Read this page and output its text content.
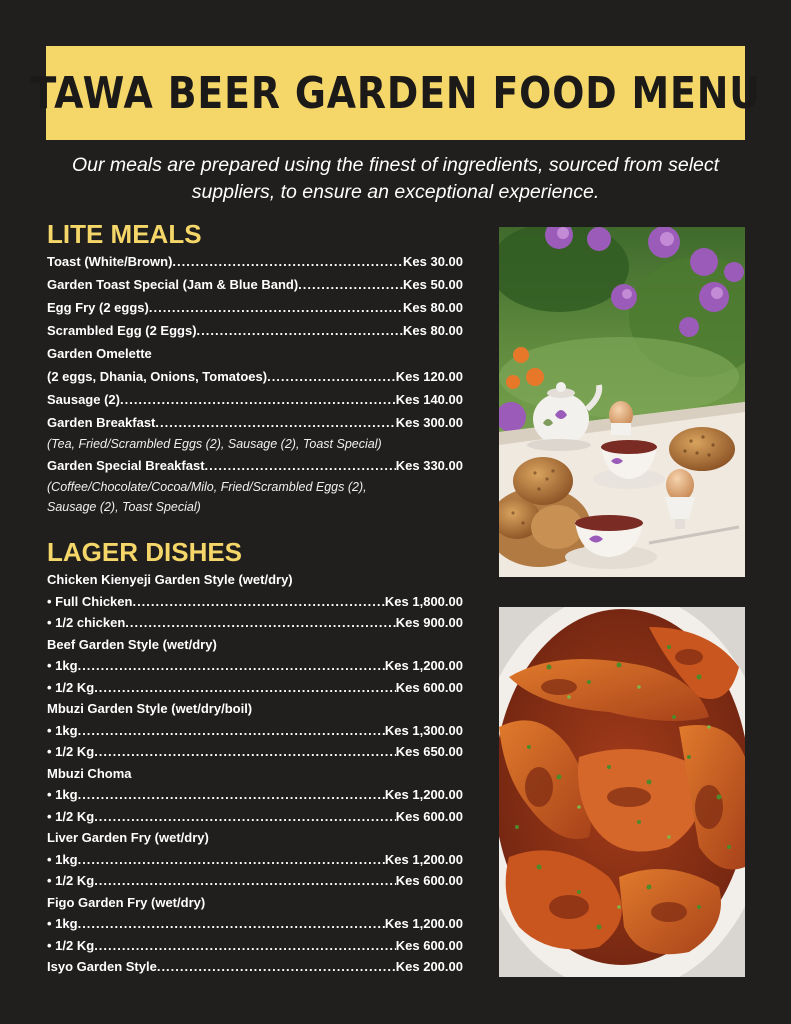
TAWA BEER GARDEN FOOD MENU
Our meals are prepared using the finest of ingredients, sourced from select suppliers, to ensure an exceptional experience.
LITE MEALS
Toast (White/Brown) .....	Kes 30.00
Garden Toast Special (Jam & Blue Band) .....	Kes 50.00
Egg Fry (2 eggs) .....	Kes 80.00
Scrambled Egg (2 Eggs) .....	Kes 80.00
Garden Omelette
(2 eggs, Dhania, Onions, Tomatoes) .....	Kes 120.00
Sausage (2) .....	Kes 140.00
Garden Breakfast .....	Kes 300.00
(Tea, Fried/Scrambled Eggs (2), Sausage (2), Toast Special)
Garden Special Breakfast .....	Kes 330.00
(Coffee/Chocolate/Cocoa/Milo, Fried/Scrambled Eggs (2),
Sausage (2), Toast Special)
LAGER DISHES
Chicken Kienyeji Garden Style (wet/dry)
• Full Chicken .....	Kes 1,800.00
• 1/2 chicken .....	Kes 900.00
Beef Garden Style (wet/dry)
• 1kg .....	Kes 1,200.00
• 1/2 Kg .....	Kes 600.00
Mbuzi Garden Style (wet/dry/boil)
• 1kg .....	Kes 1,300.00
• 1/2 Kg .....	Kes 650.00
Mbuzi Choma
• 1kg .....	Kes 1,200.00
• 1/2 Kg .....	Kes 600.00
Liver Garden Fry (wet/dry)
• 1kg .....	Kes 1,200.00
• 1/2 Kg .....	Kes 600.00
Figo Garden Fry (wet/dry)
• 1kg .....	Kes 1,200.00
• 1/2 Kg .....	Kes 600.00
Isyo Garden Style .....	Kes 200.00
